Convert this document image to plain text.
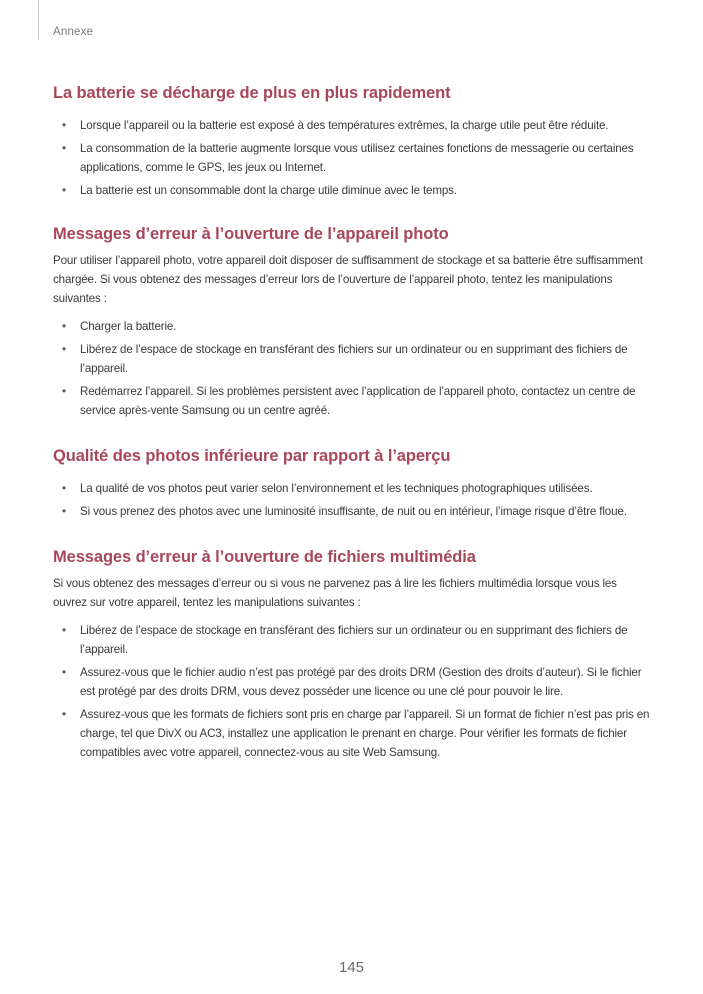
Annexe
La batterie se décharge de plus en plus rapidement
• Lorsque l’appareil ou la batterie est exposé à des températures extrêmes, la charge utile peut être réduite.
• La consommation de la batterie augmente lorsque vous utilisez certaines fonctions de messagerie ou certaines applications, comme le GPS, les jeux ou Internet.
• La batterie est un consommable dont la charge utile diminue avec le temps.
Messages d’erreur à l’ouverture de l’appareil photo

Pour utiliser l’appareil photo, votre appareil doit disposer de suffisamment de stockage et sa batterie être suffisamment chargée. Si vous obtenez des messages d’erreur lors de l’ouverture de l’appareil photo, tentez les manipulations suivantes :

• Charger la batterie.
• Libérez de l’espace de stockage en transférant des fichiers sur un ordinateur ou en supprimant des fichiers de l’appareil.
• Redémarrez l’appareil. Si les problèmes persistent avec l’application de l’appareil photo, contactez un centre de service après-vente Samsung ou un centre agréé.
Qualité des photos inférieure par rapport à l’aperçu
• La qualité de vos photos peut varier selon l’environnement et les techniques photographiques utilisées.
• Si vous prenez des photos avec une luminosité insuffisante, de nuit ou en intérieur, l’image risque d’être floue.
Messages d’erreur à l’ouverture de fichiers multimédia

Si vous obtenez des messages d’erreur ou si vous ne parvenez pas à lire les fichiers multimédia lorsque vous les ouvrez sur votre appareil, tentez les manipulations suivantes :

• Libérez de l’espace de stockage en transférant des fichiers sur un ordinateur ou en supprimant des fichiers de l’appareil.
• Assurez-vous que le fichier audio n’est pas protégé par des droits DRM (Gestion des droits d’auteur). Si le fichier est protégé par des droits DRM, vous devez posséder une licence ou une clé pour pouvoir le lire.
• Assurez-vous que les formats de fichiers sont pris en charge par l’appareil. Si un format de fichier n’est pas pris en charge, tel que DivX ou AC3, installez une application le prenant en charge. Pour vérifier les formats de fichier compatibles avec votre appareil, connectez-vous au site Web Samsung.
145
